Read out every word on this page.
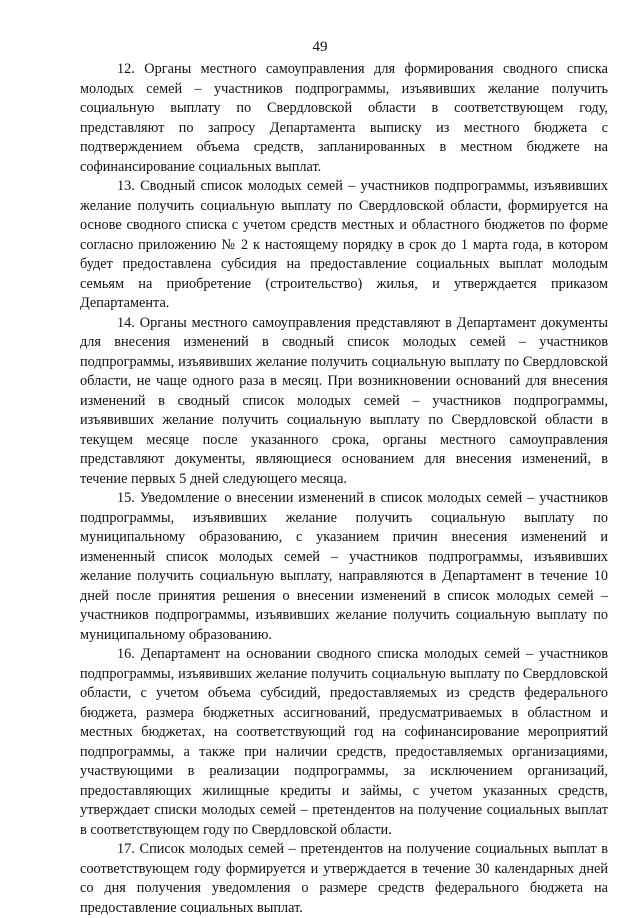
49

12. Органы местного самоуправления для формирования сводного списка молодых семей – участников подпрограммы, изъявивших желание получить социальную выплату по Свердловской области в соответствующем году, представляют по запросу Департамента выписку из местного бюджета с подтверждением объема средств, запланированных в местном бюджете на софинансирование социальных выплат.

13. Сводный список молодых семей – участников подпрограммы, изъявивших желание получить социальную выплату по Свердловской области, формируется на основе сводного списка с учетом средств местных и областного бюджетов по форме согласно приложению № 2 к настоящему порядку в срок до 1 марта года, в котором будет предоставлена субсидия на предоставление социальных выплат молодым семьям на приобретение (строительство) жилья, и утверждается приказом Департамента.

14. Органы местного самоуправления представляют в Департамент документы для внесения изменений в сводный список молодых семей – участников подпрограммы, изъявивших желание получить социальную выплату по Свердловской области, не чаще одного раза в месяц. При возникновении оснований для внесения изменений в сводный список молодых семей – участников подпрограммы, изъявивших желание получить социальную выплату по Свердловской области в текущем месяце после указанного срока, органы местного самоуправления представляют документы, являющиеся основанием для внесения изменений, в течение первых 5 дней следующего месяца.

15. Уведомление о внесении изменений в список молодых семей – участников подпрограммы, изъявивших желание получить социальную выплату по муниципальному образованию, с указанием причин внесения изменений и измененный список молодых семей – участников подпрограммы, изъявивших желание получить социальную выплату, направляются в Департамент в течение 10 дней после принятия решения о внесении изменений в список молодых семей – участников подпрограммы, изъявивших желание получить социальную выплату по муниципальному образованию.

16. Департамент на основании сводного списка молодых семей – участников подпрограммы, изъявивших желание получить социальную выплату по Свердловской области, с учетом объема субсидий, предоставляемых из средств федерального бюджета, размера бюджетных ассигнований, предусматриваемых в областном и местных бюджетах, на соответствующий год на софинансирование мероприятий подпрограммы, а также при наличии средств, предоставляемых организациями, участвующими в реализации подпрограммы, за исключением организаций, предоставляющих жилищные кредиты и займы, с учетом указанных средств, утверждает списки молодых семей – претендентов на получение социальных выплат в соответствующем году по Свердловской области.

17. Список молодых семей – претендентов на получение социальных выплат в соответствующем году формируется и утверждается в течение 30 календарных дней со дня получения уведомления о размере средств федерального бюджета на предоставление социальных выплат.
